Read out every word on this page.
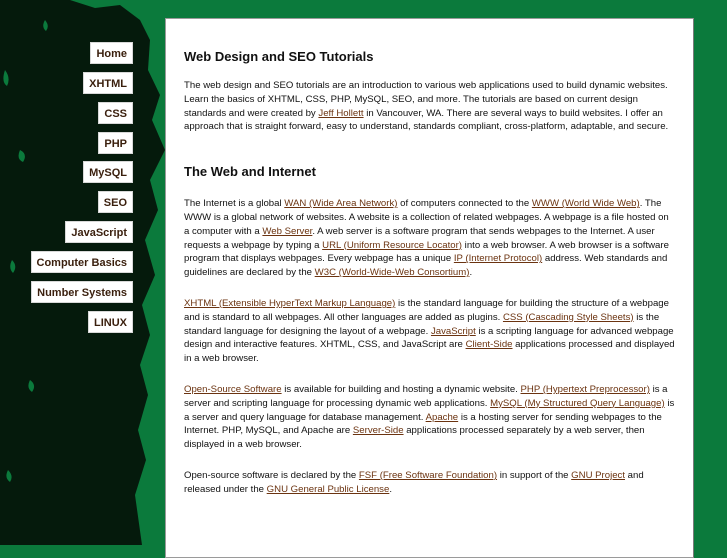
Home
XHTML
CSS
PHP
MySQL
SEO
JavaScript
Computer Basics
Number Systems
LINUX
Web Design and SEO Tutorials

The web design and SEO tutorials are an introduction to various web applications used to build dynamic websites. Learn the basics of XHTML, CSS, PHP, MySQL, SEO, and more. The tutorials are based on current design standards and were created by Jeff Hollett in Vancouver, WA. There are several ways to build websites. I offer an approach that is straight forward, easy to understand, standards compliant, cross-platform, adaptable, and secure.

The Web and Internet

The Internet is a global WAN (Wide Area Network) of computers connected to the WWW (World Wide Web). The WWW is a global network of websites. A website is a collection of related webpages. A webpage is a file hosted on a computer with a Web Server. A web server is a software program that sends webpages to the Internet. A user requests a webpage by typing a URL (Uniform Resource Locator) into a web browser. A web browser is a software program that displays webpages. Every webpage has a unique IP (Internet Protocol) address. Web standards and guidelines are declared by the W3C (World-Wide-Web Consortium).

XHTML (Extensible HyperText Markup Language) is the standard language for building the structure of a webpage and is standard to all webpages. All other languages are added as plugins. CSS (Cascading Style Sheets) is the standard language for designing the layout of a webpage. JavaScript is a scripting language for advanced webpage design and interactive features. XHTML, CSS, and JavaScript are Client-Side applications processed and displayed in a web browser.

Open-Source Software is available for building and hosting a dynamic website. PHP (Hypertext Preprocessor) is a server and scripting language for processing dynamic web applications. MySQL (My Structured Query Language) is a server and query language for database management. Apache is a hosting server for sending webpages to the Internet. PHP, MySQL, and Apache are Server-Side applications processed separately by a web server, then displayed in a web browser.

Open-source software is declared by the FSF (Free Software Foundation) in support of the GNU Project and released under the GNU General Public License.
